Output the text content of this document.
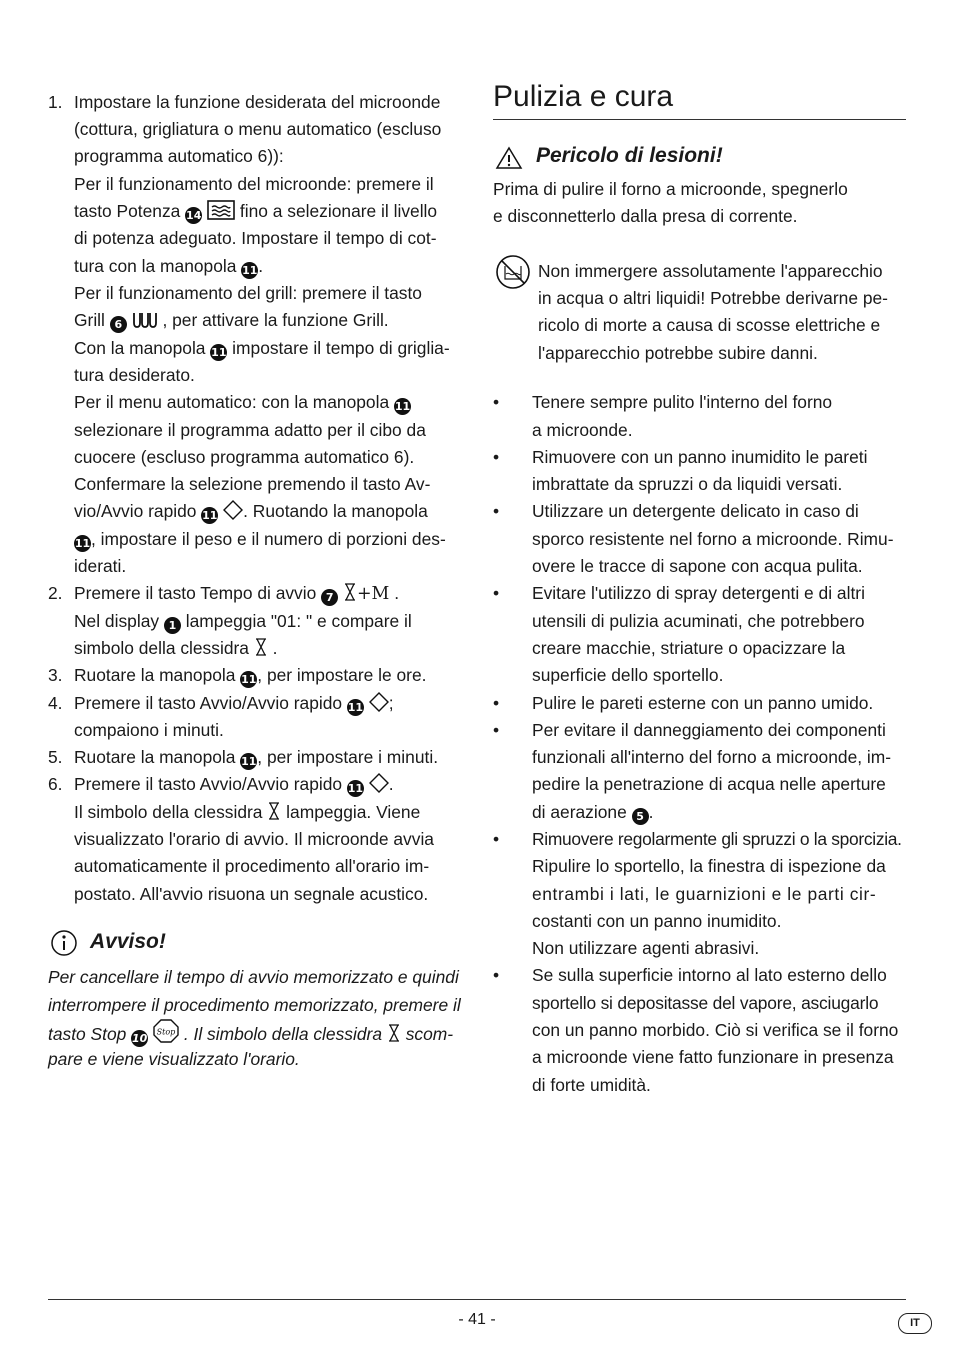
1. Impostare la funzione desiderata del microonde
(cottura, grigliatura o menu automatico (escluso
programma automatico 6)):
Per il funzionamento del microonde: premere il
tasto Potenza 14 fino a selezionare il livello
di potenza adeguato. Impostare il tempo di cot-
tura con la manopola 11.
Per il funzionamento del grill: premere il tasto
Grill 6 , per attivare la funzione Grill.
Con la manopola 11 impostare il tempo di griglia-
tura desiderato.
Per il menu automatico: con la manopola 11
selezionare il programma adatto per il cibo da
cuocere (escluso programma automatico 6).
Confermare la selezione premendo il tasto Av-
vio/Avvio rapido 11 . Ruotando la manopola
11, impostare il peso e il numero di porzioni des-
iderati.
2. Premere il tasto Tempo di avvio 7 +M .
Nel display 1 lampeggia "01: " e compare il
simbolo della clessidra  .
3. Ruotare la manopola 11, per impostare le ore.
4. Premere il tasto Avvio/Avvio rapido 11 ;
compaiono i minuti.
5. Ruotare la manopola 11, per impostare i minuti.
6. Premere il tasto Avvio/Avvio rapido 11 .
Il simbolo della clessidra lampeggia. Viene
visualizzato l'orario di avvio. Il microonde avvia
automaticamente il procedimento all'orario im-
postato. All'avvio risuona un segnale acustico.
Avviso!
Per cancellare il tempo di avvio memorizzato e quindi
interrompere il procedimento memorizzato, premere il
tasto Stop 10 Stop . Il simbolo della clessidra scom-
pare e viene visualizzato l'orario.
Pulizia e cura
Pericolo di lesioni!
Prima di pulire il forno a microonde, spegnerlo
e disconnetterlo dalla presa di corrente.
Non immergere assolutamente l'apparecchio
in acqua o altri liquidi! Potrebbe derivarne pe-
ricolo di morte a causa di scosse elettriche e
l'apparecchio potrebbe subire danni.
• Tenere sempre pulito l'interno del forno
a microonde.
• Rimuovere con un panno inumidito le pareti
imbrattate da spruzzi o da liquidi versati.
• Utilizzare un detergente delicato in caso di
sporco resistente nel forno a microonde. Rimu-
overe le tracce di sapone con acqua pulita.
• Evitare l'utilizzo di spray detergenti e di altri
utensili di pulizia acuminati, che potrebbero
creare macchie, striature o opacizzare la
superficie dello sportello.
• Pulire le pareti esterne con un panno umido.
• Per evitare il danneggiamento dei componenti
funzionali all'interno del forno a microonde, im-
pedire la penetrazione di acqua nelle aperture
di aerazione 5 .
• Rimuovere regolarmente gli spruzzi o la sporcizia.
Ripulire lo sportello, la finestra di ispezione da
entrambi i lati, le guarnizioni e le parti cir-
costanti con un panno inumidito.
Non utilizzare agenti abrasivi.
• Se sulla superficie intorno al lato esterno dello
sportello si depositasse del vapore, asciugarlo
con un panno morbido. Ciò si verifica se il forno
a microonde viene fatto funzionare in presenza
di forte umidità.
- 41 -	IT
